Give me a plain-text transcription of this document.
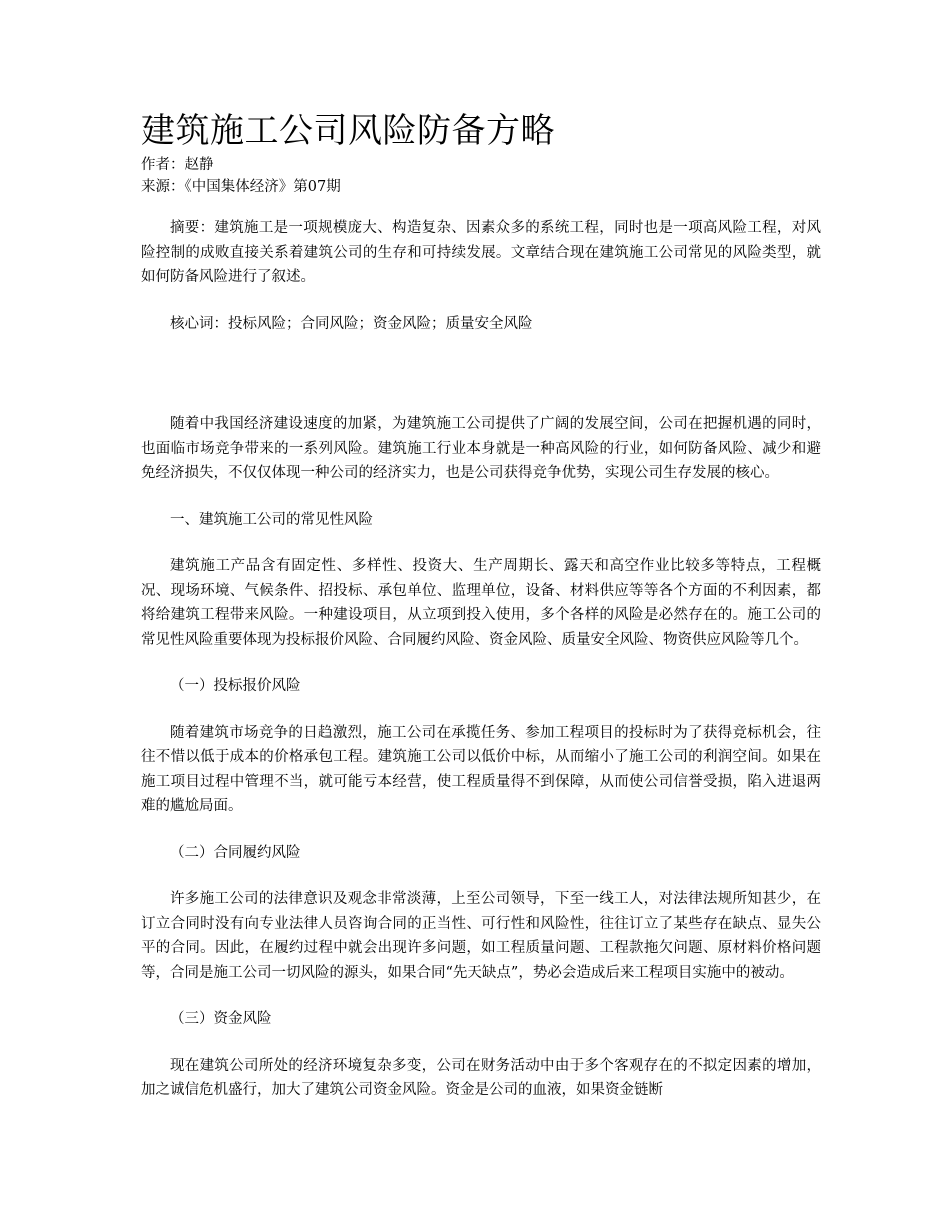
建筑施工公司风险防备方略

作者：赵静

来源：《中国集体经济》第07期

摘要：建筑施工是一项规模庞大、构造复杂、因素众多的系统工程，同时也是一项高风险工程，对风险控制的成败直接关系着建筑公司的生存和可持续发展。文章结合现在建筑施工公司常见的风险类型，就如何防备风险进行了叙述。

核心词：投标风险；合同风险；资金风险；质量安全风险

随着中我国经济建设速度的加紧，为建筑施工公司提供了广阔的发展空间，公司在把握机遇的同时，也面临市场竞争带来的一系列风险。建筑施工行业本身就是一种高风险的行业，如何防备风险、减少和避免经济损失，不仅仅体现一种公司的经济实力，也是公司获得竞争优势，实现公司生存发展的核心。

一、建筑施工公司的常见性风险

建筑施工产品含有固定性、多样性、投资大、生产周期长、露天和高空作业比较多等特点，工程概况、现场环境、气候条件、招投标、承包单位、监理单位，设备、材料供应等等各个方面的不利因素，都将给建筑工程带来风险。一种建设项目，从立项到投入使用，多个各样的风险是必然存在的。施工公司的常见性风险重要体现为投标报价风险、合同履约风险、资金风险、质量安全风险、物资供应风险等几个。

（一）投标报价风险

随着建筑市场竞争的日趋激烈，施工公司在承揽任务、参加工程项目的投标时为了获得竞标机会，往往不惜以低于成本的价格承包工程。建筑施工公司以低价中标，从而缩小了施工公司的利润空间。如果在施工项目过程中管理不当，就可能亏本经营，使工程质量得不到保障，从而使公司信誉受损，陷入进退两难的尴尬局面。

（二）合同履约风险

许多施工公司的法律意识及观念非常淡薄，上至公司领导，下至一线工人，对法律法规所知甚少，在订立合同时没有向专业法律人员咨询合同的正当性、可行性和风险性，往往订立了某些存在缺点、显失公平的合同。因此，在履约过程中就会出现许多问题，如工程质量问题、工程款拖欠问题、原材料价格问题等，合同是施工公司一切风险的源头，如果合同“先天缺点”，势必会造成后来工程项目实施中的被动。

（三）资金风险

现在建筑公司所处的经济环境复杂多变，公司在财务活动中由于多个客观存在的不拟定因素的增加，加之诚信危机盛行，加大了建筑公司资金风险。资金是公司的血液，如果资金链断
